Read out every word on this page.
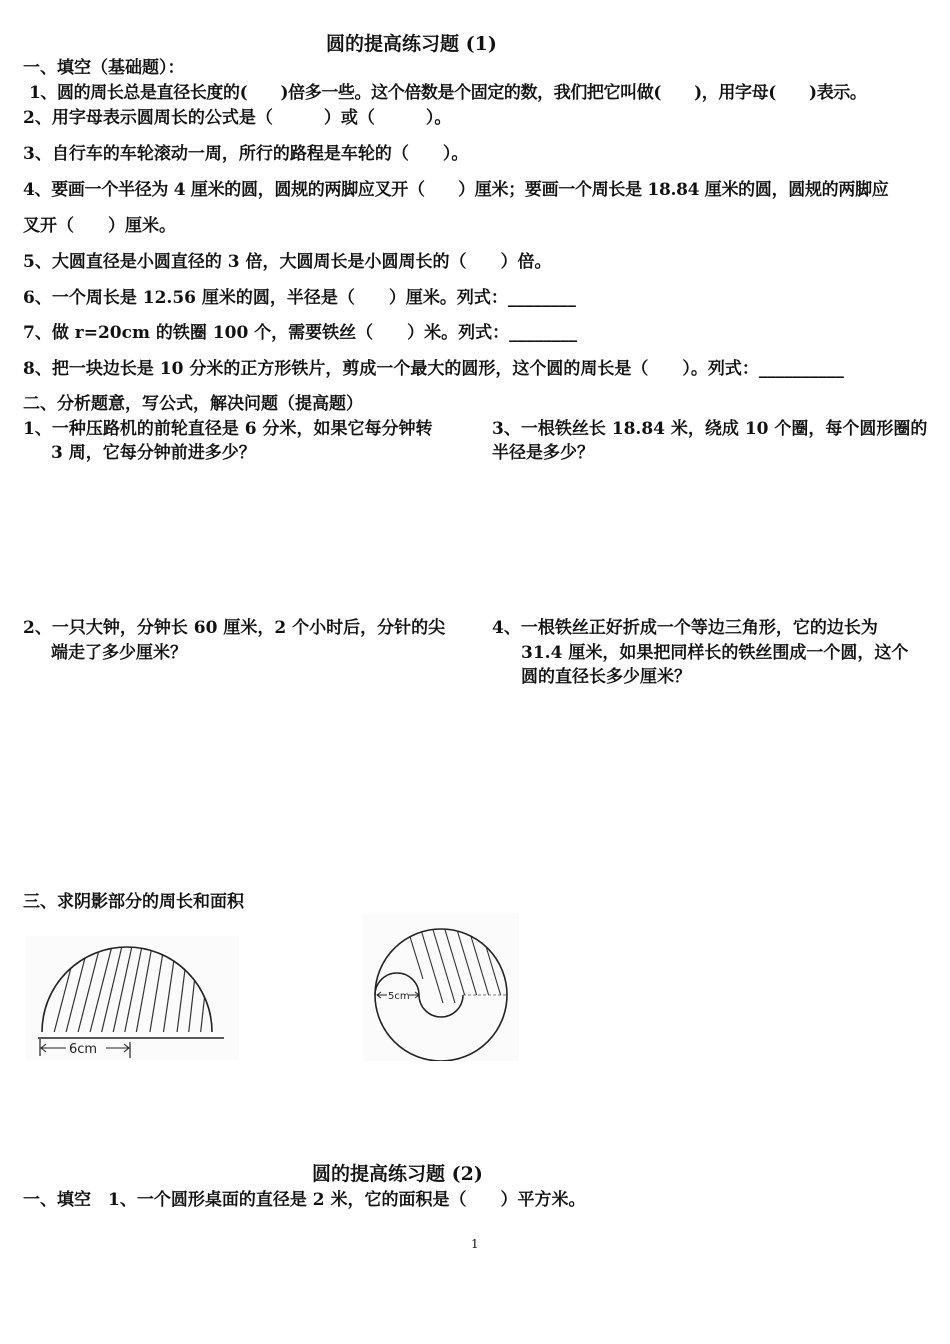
圆的提高练习题 (1)
一、填空（基础题）：
1、圆的周长总是直径长度的(　　)倍多一些。这个倍数是个固定的数，我们把它叫做(　　)，用字母(　　)表示。
2、用字母表示圆周长的公式是（　　　）或（　　　）。
3、自行车的车轮滚动一周，所行的路程是车轮的（　　）。
4、要画一个半径为 4 厘米的圆，圆规的两脚应叉开（　　）厘米；要画一个周长是 18.84 厘米的圆，圆规的两脚应
叉开（　　）厘米。
5、大圆直径是小圆直径的 3 倍，大圆周长是小圆周长的（　　）倍。
6、一个周长是 12.56 厘米的圆，半径是（　　）厘米。列式：________
7、做 r=20cm 的铁圈 100 个，需要铁丝（　　）米。列式：________
8、把一块边长是 10 分米的正方形铁片，剪成一个最大的圆形，这个圆的周长是（　　）。列式：__________
二、分析题意，写公式，解决问题（提高题）
1、一种压路机的前轮直径是 6 分米，如果它每分钟转
3 周，它每分钟前进多少？
3、一根铁丝长 18.84 米，绕成 10 个圈，每个圆形圈的
半径是多少？
2、一只大钟，分钟长 60 厘米，2 个小时后，分针的尖
端走了多少厘米？
4、一根铁丝正好折成一个等边三角形，它的边长为
31.4 厘米，如果把同样长的铁丝围成一个圆，这个
圆的直径长多少厘米？
三、求阴影部分的周长和面积
6cm
5cm
圆的提高练习题 (2)
一、填空　1、一个圆形桌面的直径是 2 米，它的面积是（　　）平方米。
1
